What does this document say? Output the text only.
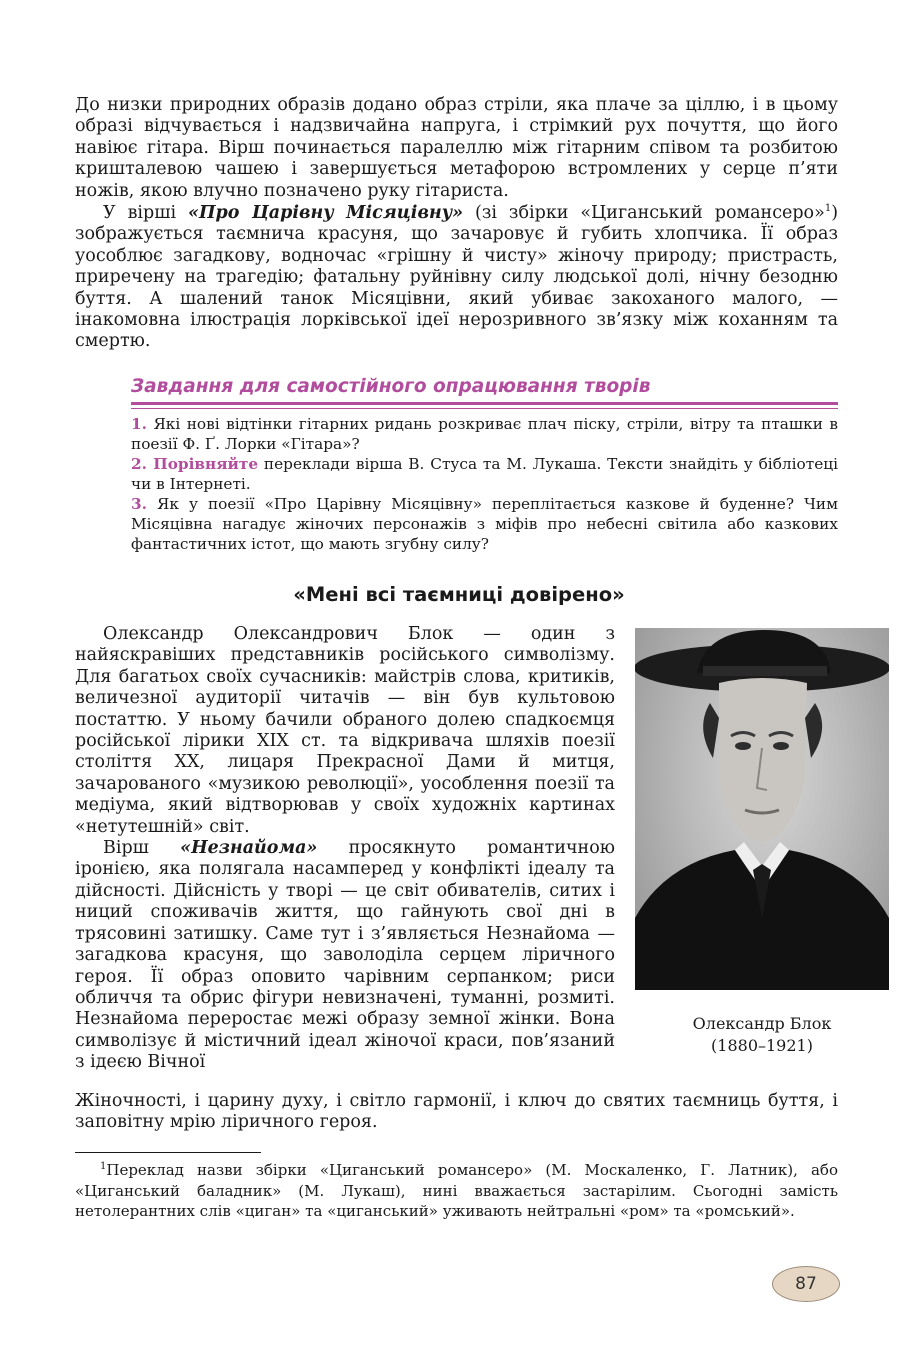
До низки природних образів додано образ стріли, яка плаче за ціллю, і в цьому образі відчувається і надзвичайна напруга, і стрімкий рух почуття, що його навіює гітара. Вірш починається паралеллю між гітарним співом та розбитою кришталевою чашею і завершується метафорою встромлених у серце п’яти ножів, якою влучно позначено руку гітариста.

У вірші «Про Царівну Місяцівну» (зі збірки «Циганський романсеро»$^1$) зображується таємнича красуня, що зачаровує й губить хлопчика. Її образ уособлює загадкову, водночас «грішну й чисту» жіночу природу; пристрасть, приречену на трагедію; фатальну руйнівну силу людської долі, нічну безодню буття. А шалений танок Місяцівни, який убиває закоханого малого, — інакомовна ілюстрація лорківської ідеї нерозривного зв’язку між коханням та смертю.

Завдання для самостійного опрацювання творів
1. Які нові відтінки гітарних ридань розкриває плач піску, стріли, вітру та пташки в поезії Ф. Ґ. Лорки «Гітара»?
2. Порівняйте переклади вірша В. Стуса та М. Лукаша. Тексти знайдіть у бібліотеці чи в Інтернеті.
3. Як у поезії «Про Царівну Місяцівну» переплітається казкове й буденне? Чим Місяцівна нагадує жіночих персонажів з міфів про небесні світила або казкових фантастичних істот, що мають згубну силу?
«Мені всі таємниці довірено»

Олександр Олександрович Блок — один з найяскравіших представників російського символізму. Для багатьох своїх сучасників: майстрів слова, критиків, величезної аудиторії читачів — він був культовою постаттю. У ньому бачили обраного долею спадкоємця російської лірики XIX ст. та відкривача шляхів поезії століття XX, лицаря Прекрасної Дами й митця, зачарованого «музикою революції», уособлення поезії та медіума, який відтворював у своїх художніх картинах «нетутешній» світ.

Вірш «Незнайома» просякнуто романтичною іронією, яка полягала насамперед у конфлікті ідеалу та дійсності. Дійсність у творі — це світ обивателів, ситих і ниций споживачів життя, що гайнують свої дні в трясовині затишку. Саме тут і з’являється Незнайома — загадкова красуня, що заволоділа серцем ліричного героя. Її образ оповито чарівним серпанком; риси обличчя та обрис фігури невизначені, туманні, розмиті. Незнайома переростає межі образу земної жінки. Вона символізує й містичний ідеал жіночої краси, пов’язаний з ідеєю Вічної

Жіночності, і царину духу, і світло гармонії, і ключ до святих таємниць буття, і заповітну мрію ліричного героя.

Олександр Блок
(1880–1921)

$^1$Переклад назви збірки «Циганський романсеро» (М. Москаленко, Г. Латник), або «Циганський баладник» (М. Лукаш), нині вважається застарілим. Сьогодні замість нетолерантних слів «циган» та «циганський» уживають нейтральні «ром» та «ромський».

87
